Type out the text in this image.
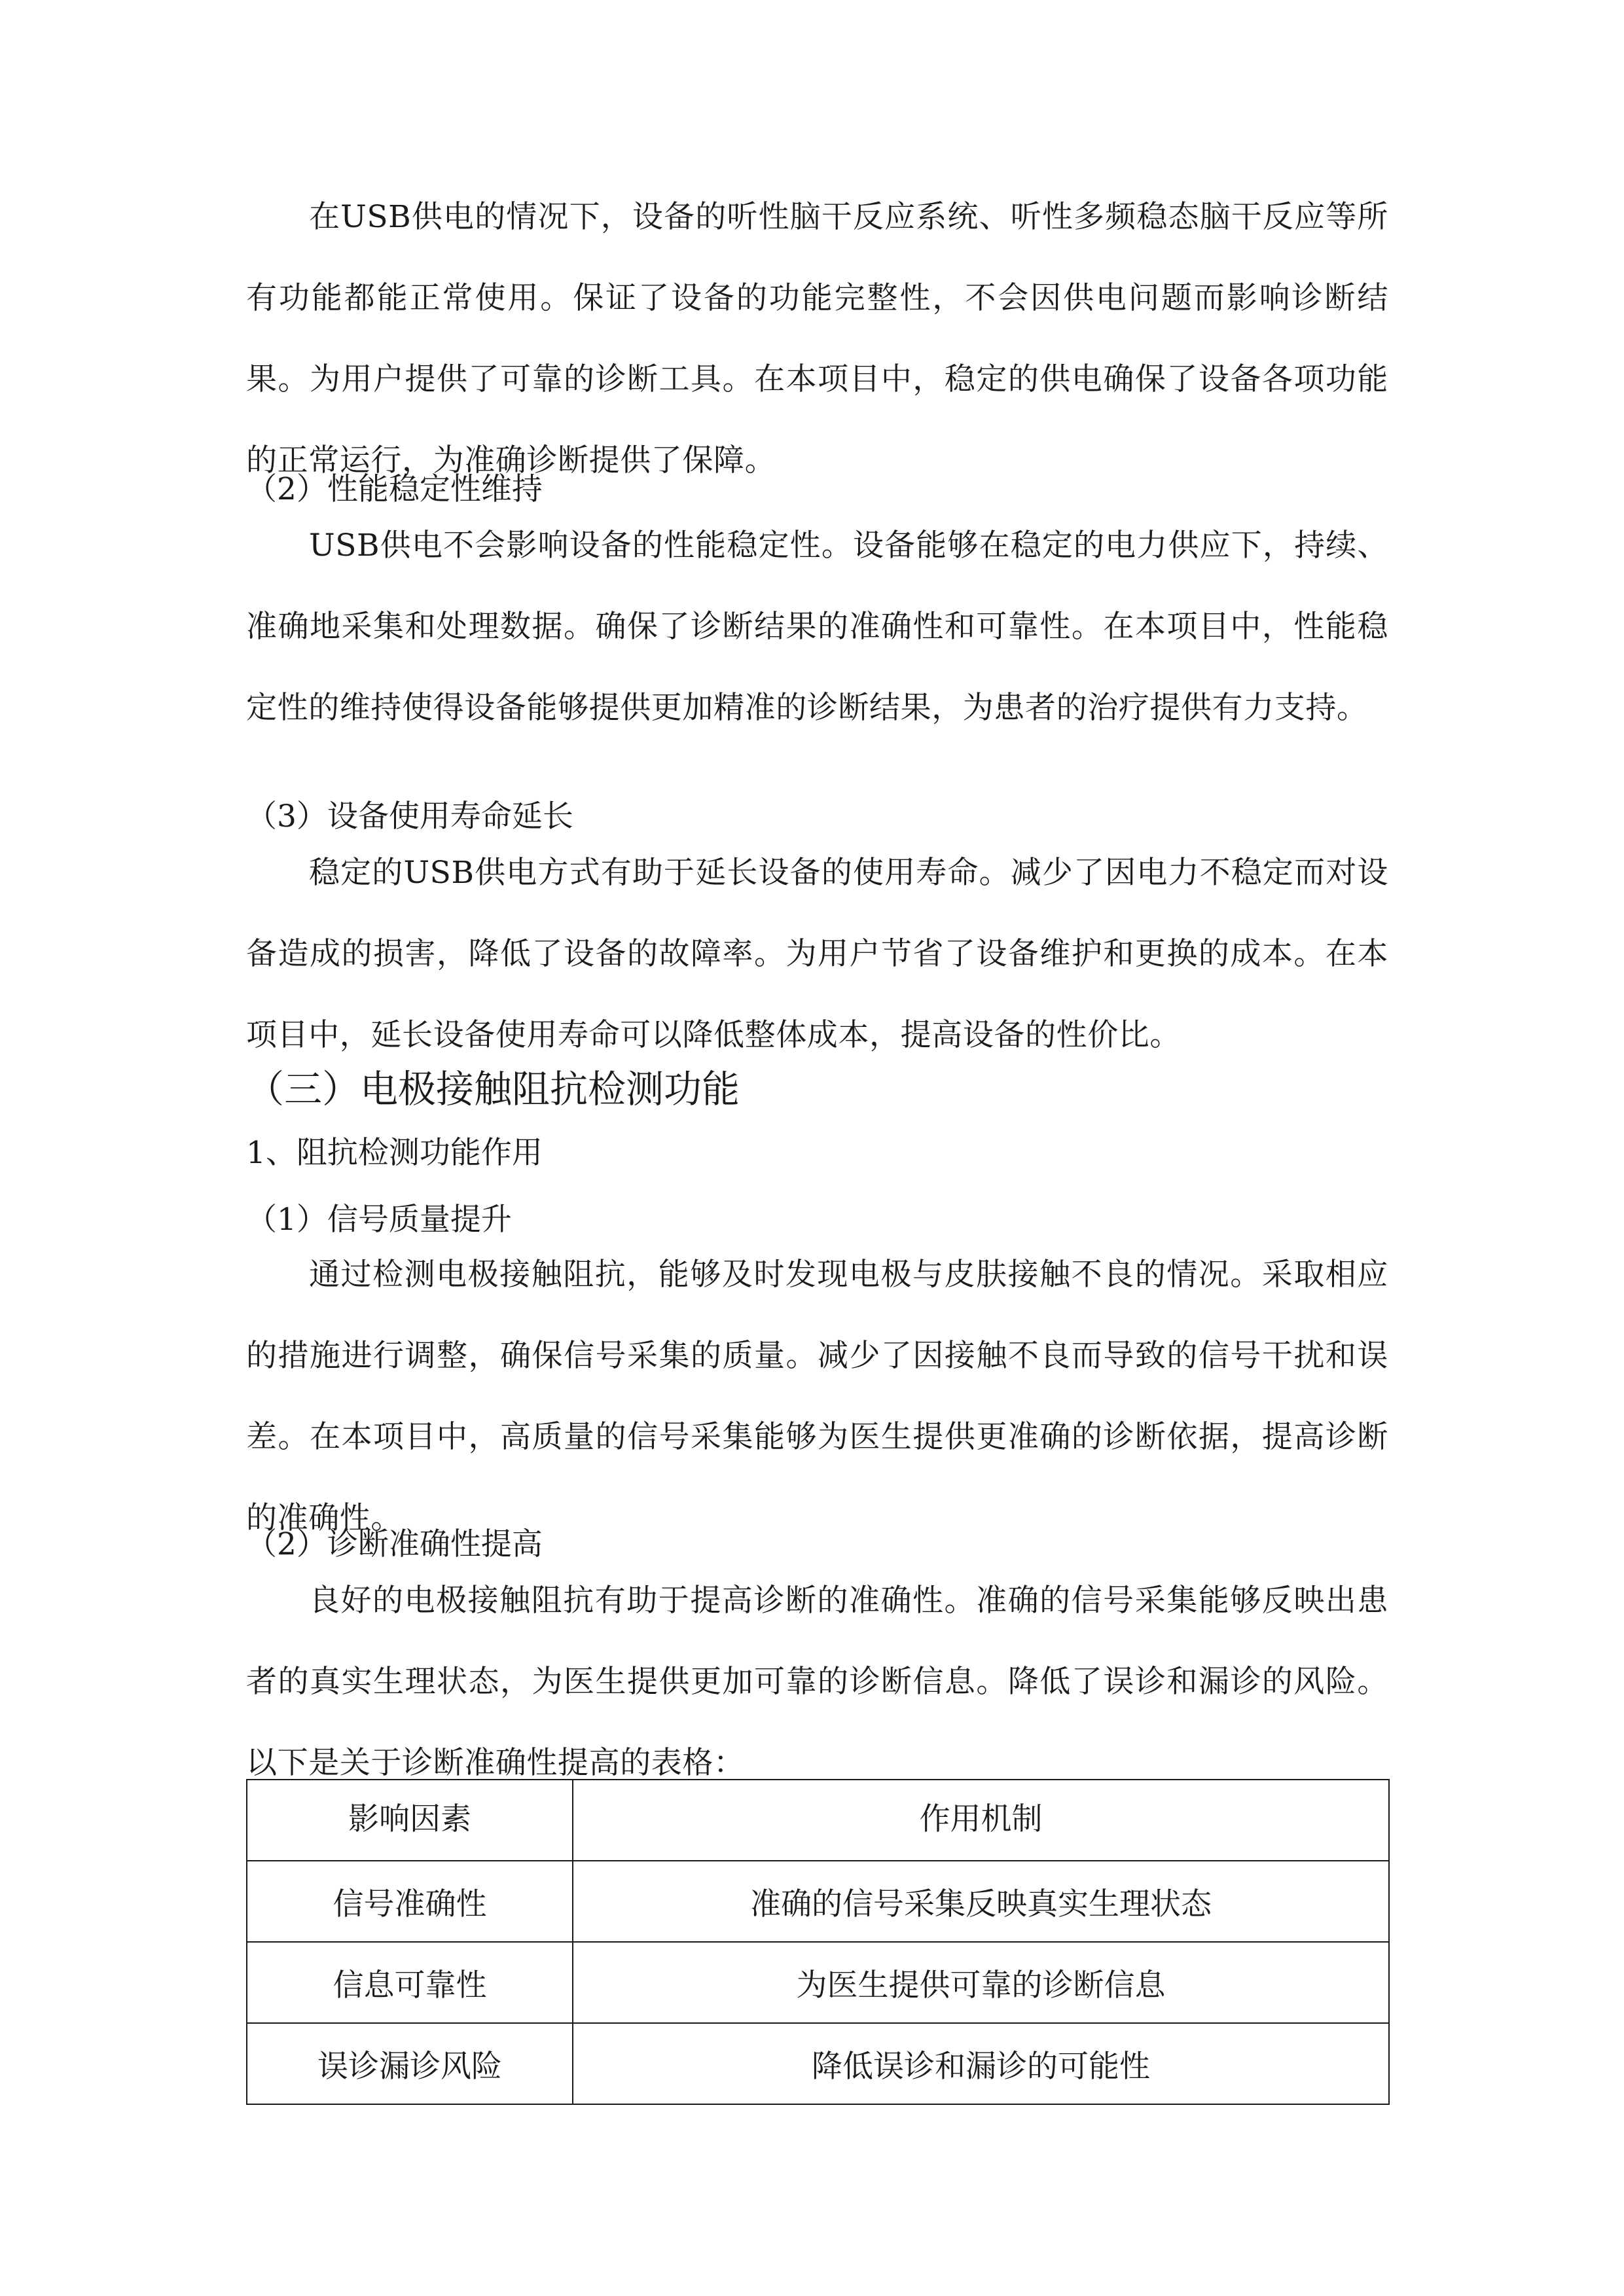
在USB供电的情况下，设备的听性脑干反应系统、听性多频稳态脑干反应等所有功能都能正常使用。保证了设备的功能完整性，不会因供电问题而影响诊断结果。为用户提供了可靠的诊断工具。在本项目中，稳定的供电确保了设备各项功能的正常运行，为准确诊断提供了保障。

（2）性能稳定性维持

USB供电不会影响设备的性能稳定性。设备能够在稳定的电力供应下，持续、准确地采集和处理数据。确保了诊断结果的准确性和可靠性。在本项目中，性能稳定性的维持使得设备能够提供更加精准的诊断结果，为患者的治疗提供有力支持。

（3）设备使用寿命延长

稳定的USB供电方式有助于延长设备的使用寿命。减少了因电力不稳定而对设备造成的损害，降低了设备的故障率。为用户节省了设备维护和更换的成本。在本项目中，延长设备使用寿命可以降低整体成本，提高设备的性价比。

（三）电极接触阻抗检测功能

1、阻抗检测功能作用

（1）信号质量提升

通过检测电极接触阻抗，能够及时发现电极与皮肤接触不良的情况。采取相应的措施进行调整，确保信号采集的质量。减少了因接触不良而导致的信号干扰和误差。在本项目中，高质量的信号采集能够为医生提供更准确的诊断依据，提高诊断的准确性。

（2）诊断准确性提高

良好的电极接触阻抗有助于提高诊断的准确性。准确的信号采集能够反映出患者的真实生理状态，为医生提供更加可靠的诊断信息。降低了误诊和漏诊的风险。以下是关于诊断准确性提高的表格：

影响因素	作用机制
信号准确性	准确的信号采集反映真实生理状态
信息可靠性	为医生提供可靠的诊断信息
误诊漏诊风险	降低误诊和漏诊的可能性
